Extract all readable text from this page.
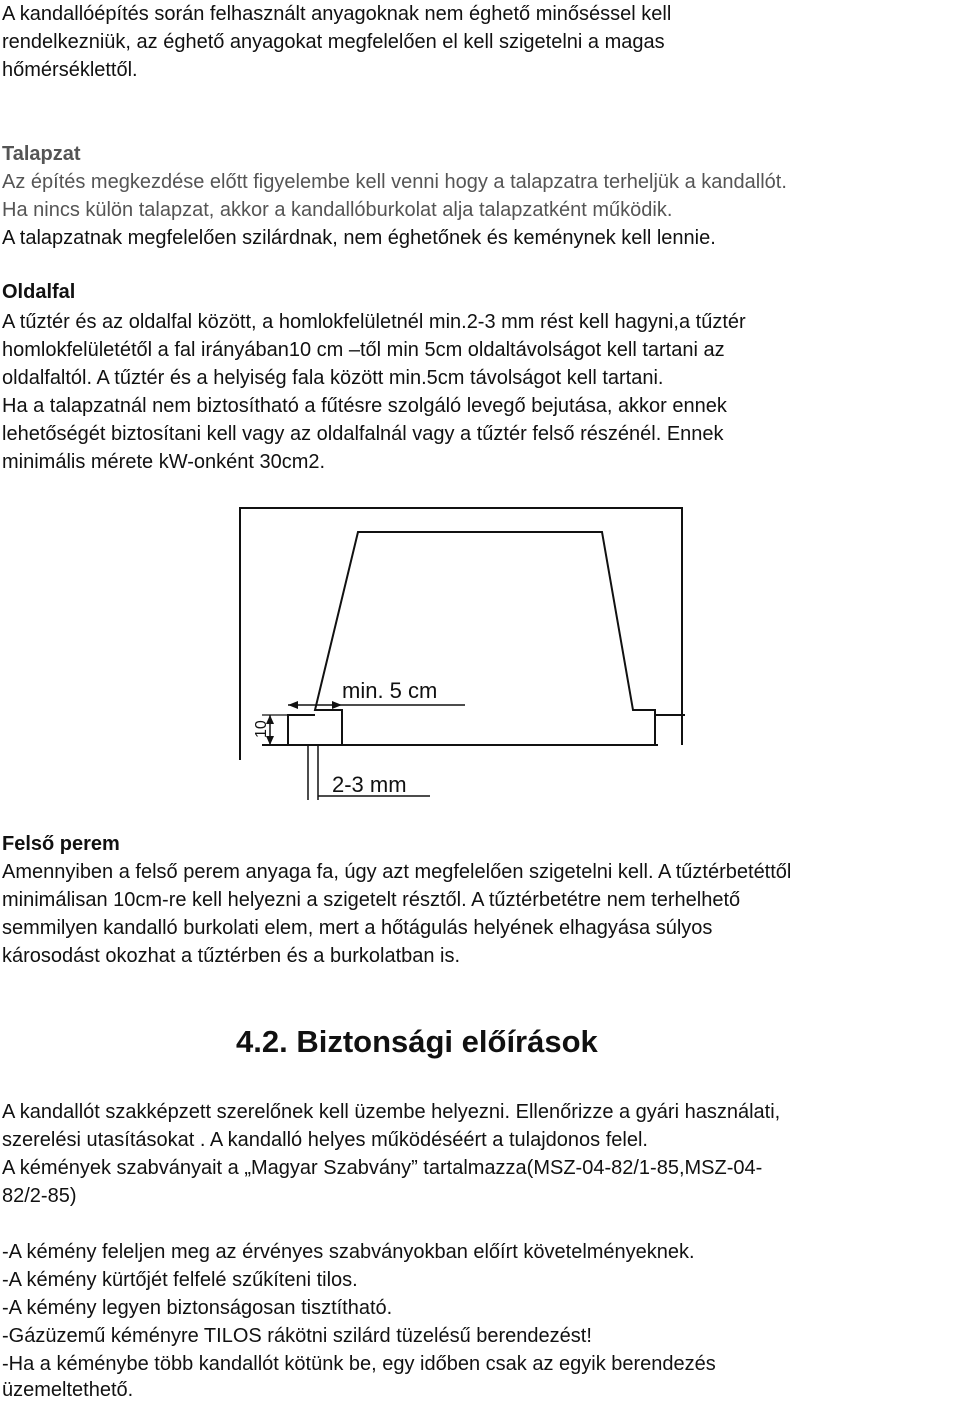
A kandallóépítés során felhasznált anyagoknak nem éghető minőséssel kell
rendelkezniük, az éghető anyagokat megfelelően el kell szigetelni a magas
hőmérséklettől.
Talapzat
Az építés megkezdése előtt figyelembe kell venni hogy a talapzatra terheljük a kandallót.
Ha nincs külön talapzat, akkor a kandallóburkolat alja talapzatként működik.
A talapzatnak megfelelően szilárdnak, nem éghetőnek és keménynek kell lennie.
Oldalfal
A tűztér és az oldalfal között, a homlokfelületnél min.2-3 mm rést kell hagyni,a tűztér
homlokfelületétől a fal irányában10 cm –től min 5cm oldaltávolságot kell tartani az
oldalfaltól. A tűztér és a helyiség fala között min.5cm távolságot kell tartani.
Ha a talapzatnál nem biztosítható a fűtésre szolgáló levegő bejutása, akkor ennek
lehetőségét biztosítani kell vagy az oldalfalnál vagy a tűztér felső részénél. Ennek
minimális mérete kW-onként 30cm2.
min. 5 cm
2-3 mm
10
Felső perem
Amennyiben a felső perem anyaga fa, úgy azt megfelelően szigetelni kell. A tűztérbetéttől
minimálisan 10cm-re kell helyezni a szigetelt résztől. A tűztérbetétre nem terhelhető
semmilyen kandalló burkolati elem, mert a hőtágulás helyének elhagyása súlyos
károsodást okozhat a tűztérben és a burkolatban is.
4.2. Biztonsági előírások
A kandallót szakképzett szerelőnek kell üzembe helyezni. Ellenőrizze a gyári használati,
szerelési utasításokat . A kandalló helyes működéséért a tulajdonos felel.
A kémények szabványait a „Magyar Szabvány” tartalmazza(MSZ-04-82/1-85,MSZ-04-
82/2-85)
-A kémény feleljen meg az érvényes szabványokban előírt követelményeknek.
-A kémény kürtőjét felfelé szűkíteni tilos.
-A kémény legyen biztonságosan tisztítható.
-Gázüzemű kéményre TILOS rákötni szilárd tüzelésű berendezést!
-Ha a kéménybe több kandallót kötünk be, egy időben csak az egyik berendezés
üzemeltethető.
